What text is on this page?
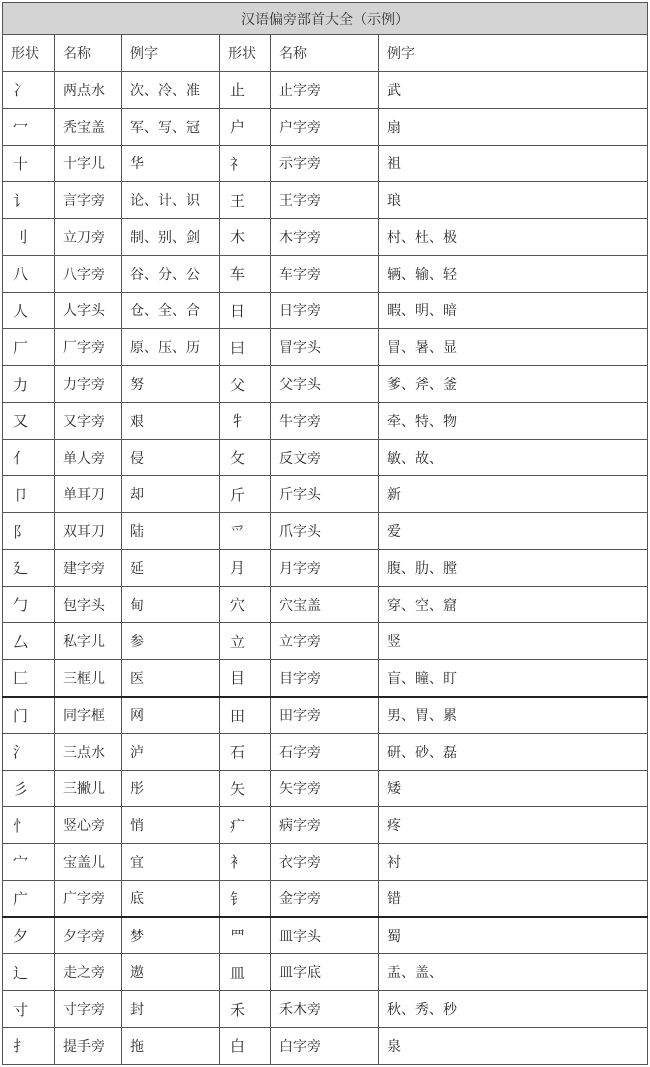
汉语偏旁部首大全（示例）					
形状	名称	例字	形状	名称	例字
冫	两点水	次、冷、准	止	止字旁	武
冖	秃宝盖	军、写、冠	户	户字旁	扇
十	十字儿	华	礻	示字旁	祖
讠	言字旁	论、计、识	王	王字旁	琅
刂	立刀旁	制、别、剑	木	木字旁	村、杜、极
八	八字旁	谷、分、公	车	车字旁	辆、输、轻
人	人字头	仓、全、合	日	日字旁	暇、明、暗
厂	厂字旁	原、压、历	曰	冒字头	冒、暑、显
力	力字旁	努	父	父字头	爹、斧、釜
又	又字旁	艰	牜	牛字旁	牵、特、物
亻	单人旁	侵	攵	反文旁	敏、故、
卩	单耳刀	却	斤	斤字头	新
阝	双耳刀	陆	爫	爪字头	爱
廴	建字旁	延	月	月字旁	腹、肋、膛
勹	包字头	甸	穴	穴宝盖	穿、空、窟
厶	私字儿	参	立	立字旁	竖
匚	三框儿	医	目	目字旁	盲、瞳、盯
门	同字框	网	田	田字旁	男、胃、累
氵	三点水	泸	石	石字旁	研、砂、磊
彡	三撇儿	彤	矢	矢字旁	矮
忄	竖心旁	悄	疒	病字旁	疼
宀	宝盖儿	宜	衤	衣字旁	衬
广	广字旁	底	钅	金字旁	错
夕	夕字旁	梦	罒	皿字头	蜀
辶	走之旁	遨	皿	皿字底	盂、盖、
寸	寸字旁	封	禾	禾木旁	秋、秀、秒
扌	提手旁	拖	白	白字旁	泉
